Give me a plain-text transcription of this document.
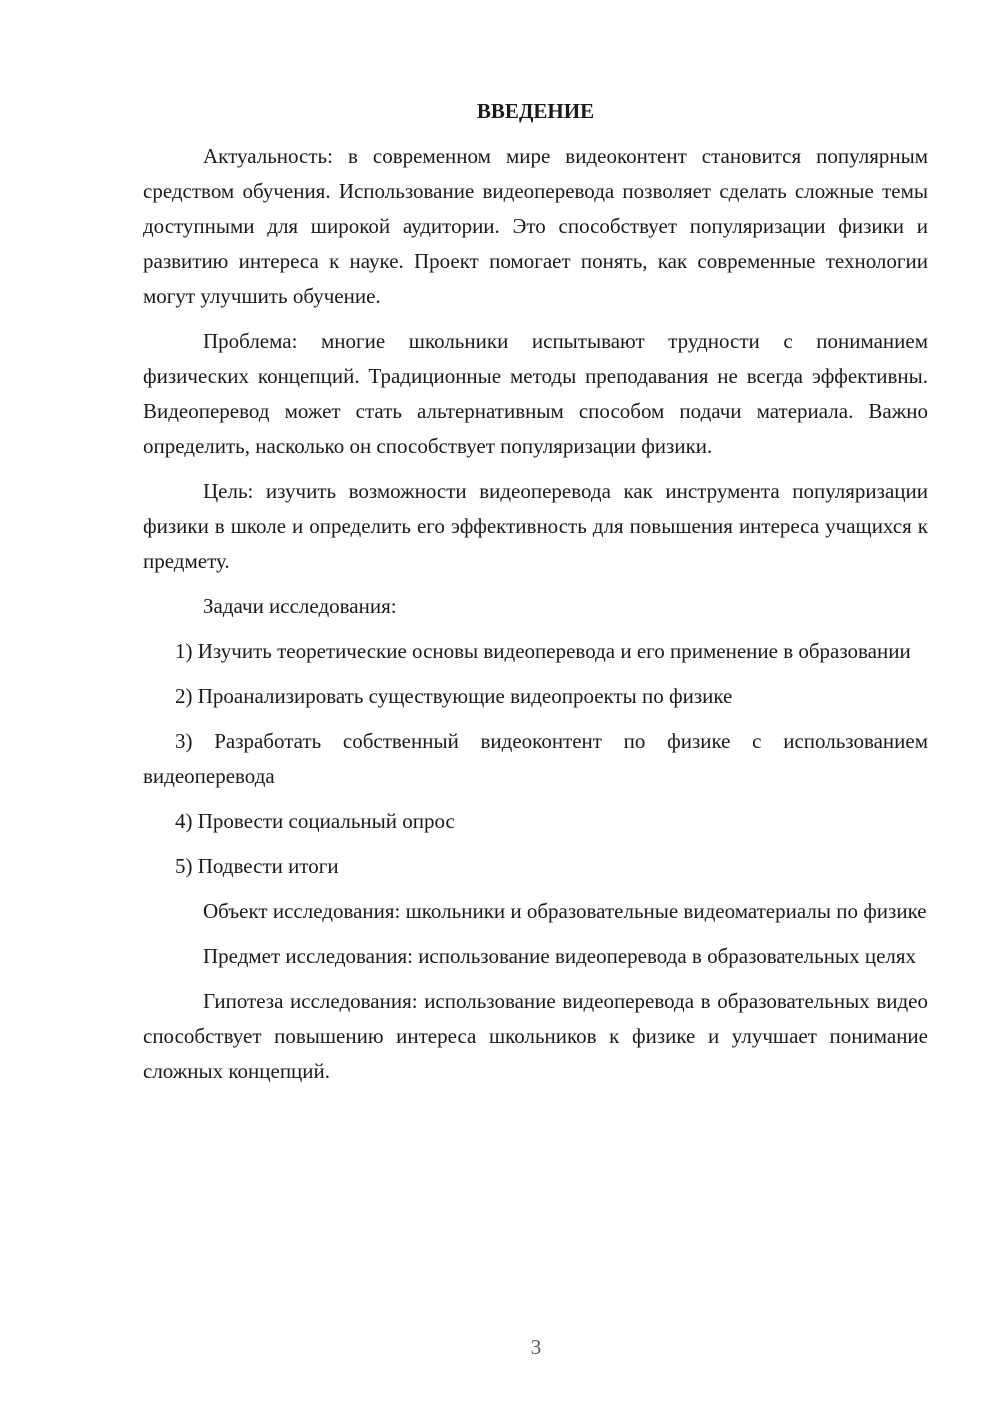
ВВЕДЕНИЕ

Актуальность: в современном мире видеоконтент становится популярным средством обучения. Использование видеоперевода позволяет сделать сложные темы доступными для широкой аудитории. Это способствует популяризации физики и развитию интереса к науке. Проект помогает понять, как современные технологии могут улучшить обучение.

Проблема: многие школьники испытывают трудности с пониманием физических концепций. Традиционные методы преподавания не всегда эффективны. Видеоперевод может стать альтернативным способом подачи материала. Важно определить, насколько он способствует популяризации физики.

Цель: изучить возможности видеоперевода как инструмента популяризации физики в школе и определить его эффективность для повышения интереса учащихся к предмету.

Задачи исследования:

1) Изучить теоретические основы видеоперевода и его применение в образовании

2) Проанализировать существующие видеопроекты по физике

3) Разработать собственный видеоконтент по физике с использованием видеоперевода

4) Провести социальный опрос

5) Подвести итоги

Объект исследования: школьники и образовательные видеоматериалы по физике

Предмет исследования: использование видеоперевода в образовательных целях

Гипотеза исследования: использование видеоперевода в образовательных видео способствует повышению интереса школьников к физике и улучшает понимание сложных концепций.

3
